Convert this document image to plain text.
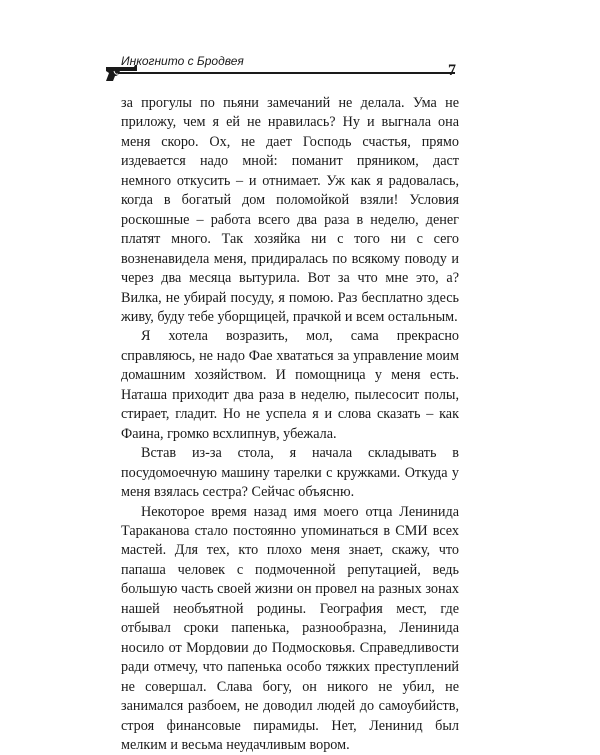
Инкогнито с Бродвея
7

за прогулы по пьяни замечаний не делала. Ума не приложу, чем я ей не нравилась? Ну и выгнала она меня скоро. Ох, не дает Господь счастья, прямо издевается надо мной: поманит пряником, даст немного откусить – и отнимает. Уж как я радовалась, когда в богатый дом поломойкой взяли! Условия роскошные – работа всего два раза в неделю, денег платят много. Так хозяйка ни с того ни с сего возненавидела меня, придиралась по всякому поводу и через два месяца вытурила. Вот за что мне это, а? Вилка, не убирай посуду, я помою. Раз бесплатно здесь живу, буду тебе уборщицей, прачкой и всем остальным.

Я хотела возразить, мол, сама прекрасно справляюсь, не надо Фае хвататься за управление моим домашним хозяйством. И помощница у меня есть. Наташа приходит два раза в неделю, пылесосит полы, стирает, гладит. Но не успела я и слова сказать – как Фаина, громко всхлипнув, убежала.

Встав из-за стола, я начала складывать в посудомоечную машину тарелки с кружками. Откуда у меня взялась сестра? Сейчас объясню.

Некоторое время назад имя моего отца Ленинида Тараканова стало постоянно упоминаться в СМИ всех мастей. Для тех, кто плохо меня знает, скажу, что папаша человек с подмоченной репутацией, ведь большую часть своей жизни он провел на разных зонах нашей необъятной родины. География мест, где отбывал сроки папенька, разнообразна, Ленинида носило от Мордовии до Подмосковья. Справедливости ради отмечу, что папенька особо тяжких преступлений не совершал. Слава богу, он никого не убил, не занимался разбоем, не доводил людей до самоубийств, строя финансовые пирамиды. Нет, Ленинид был мелким и весьма неудачливым вором.
